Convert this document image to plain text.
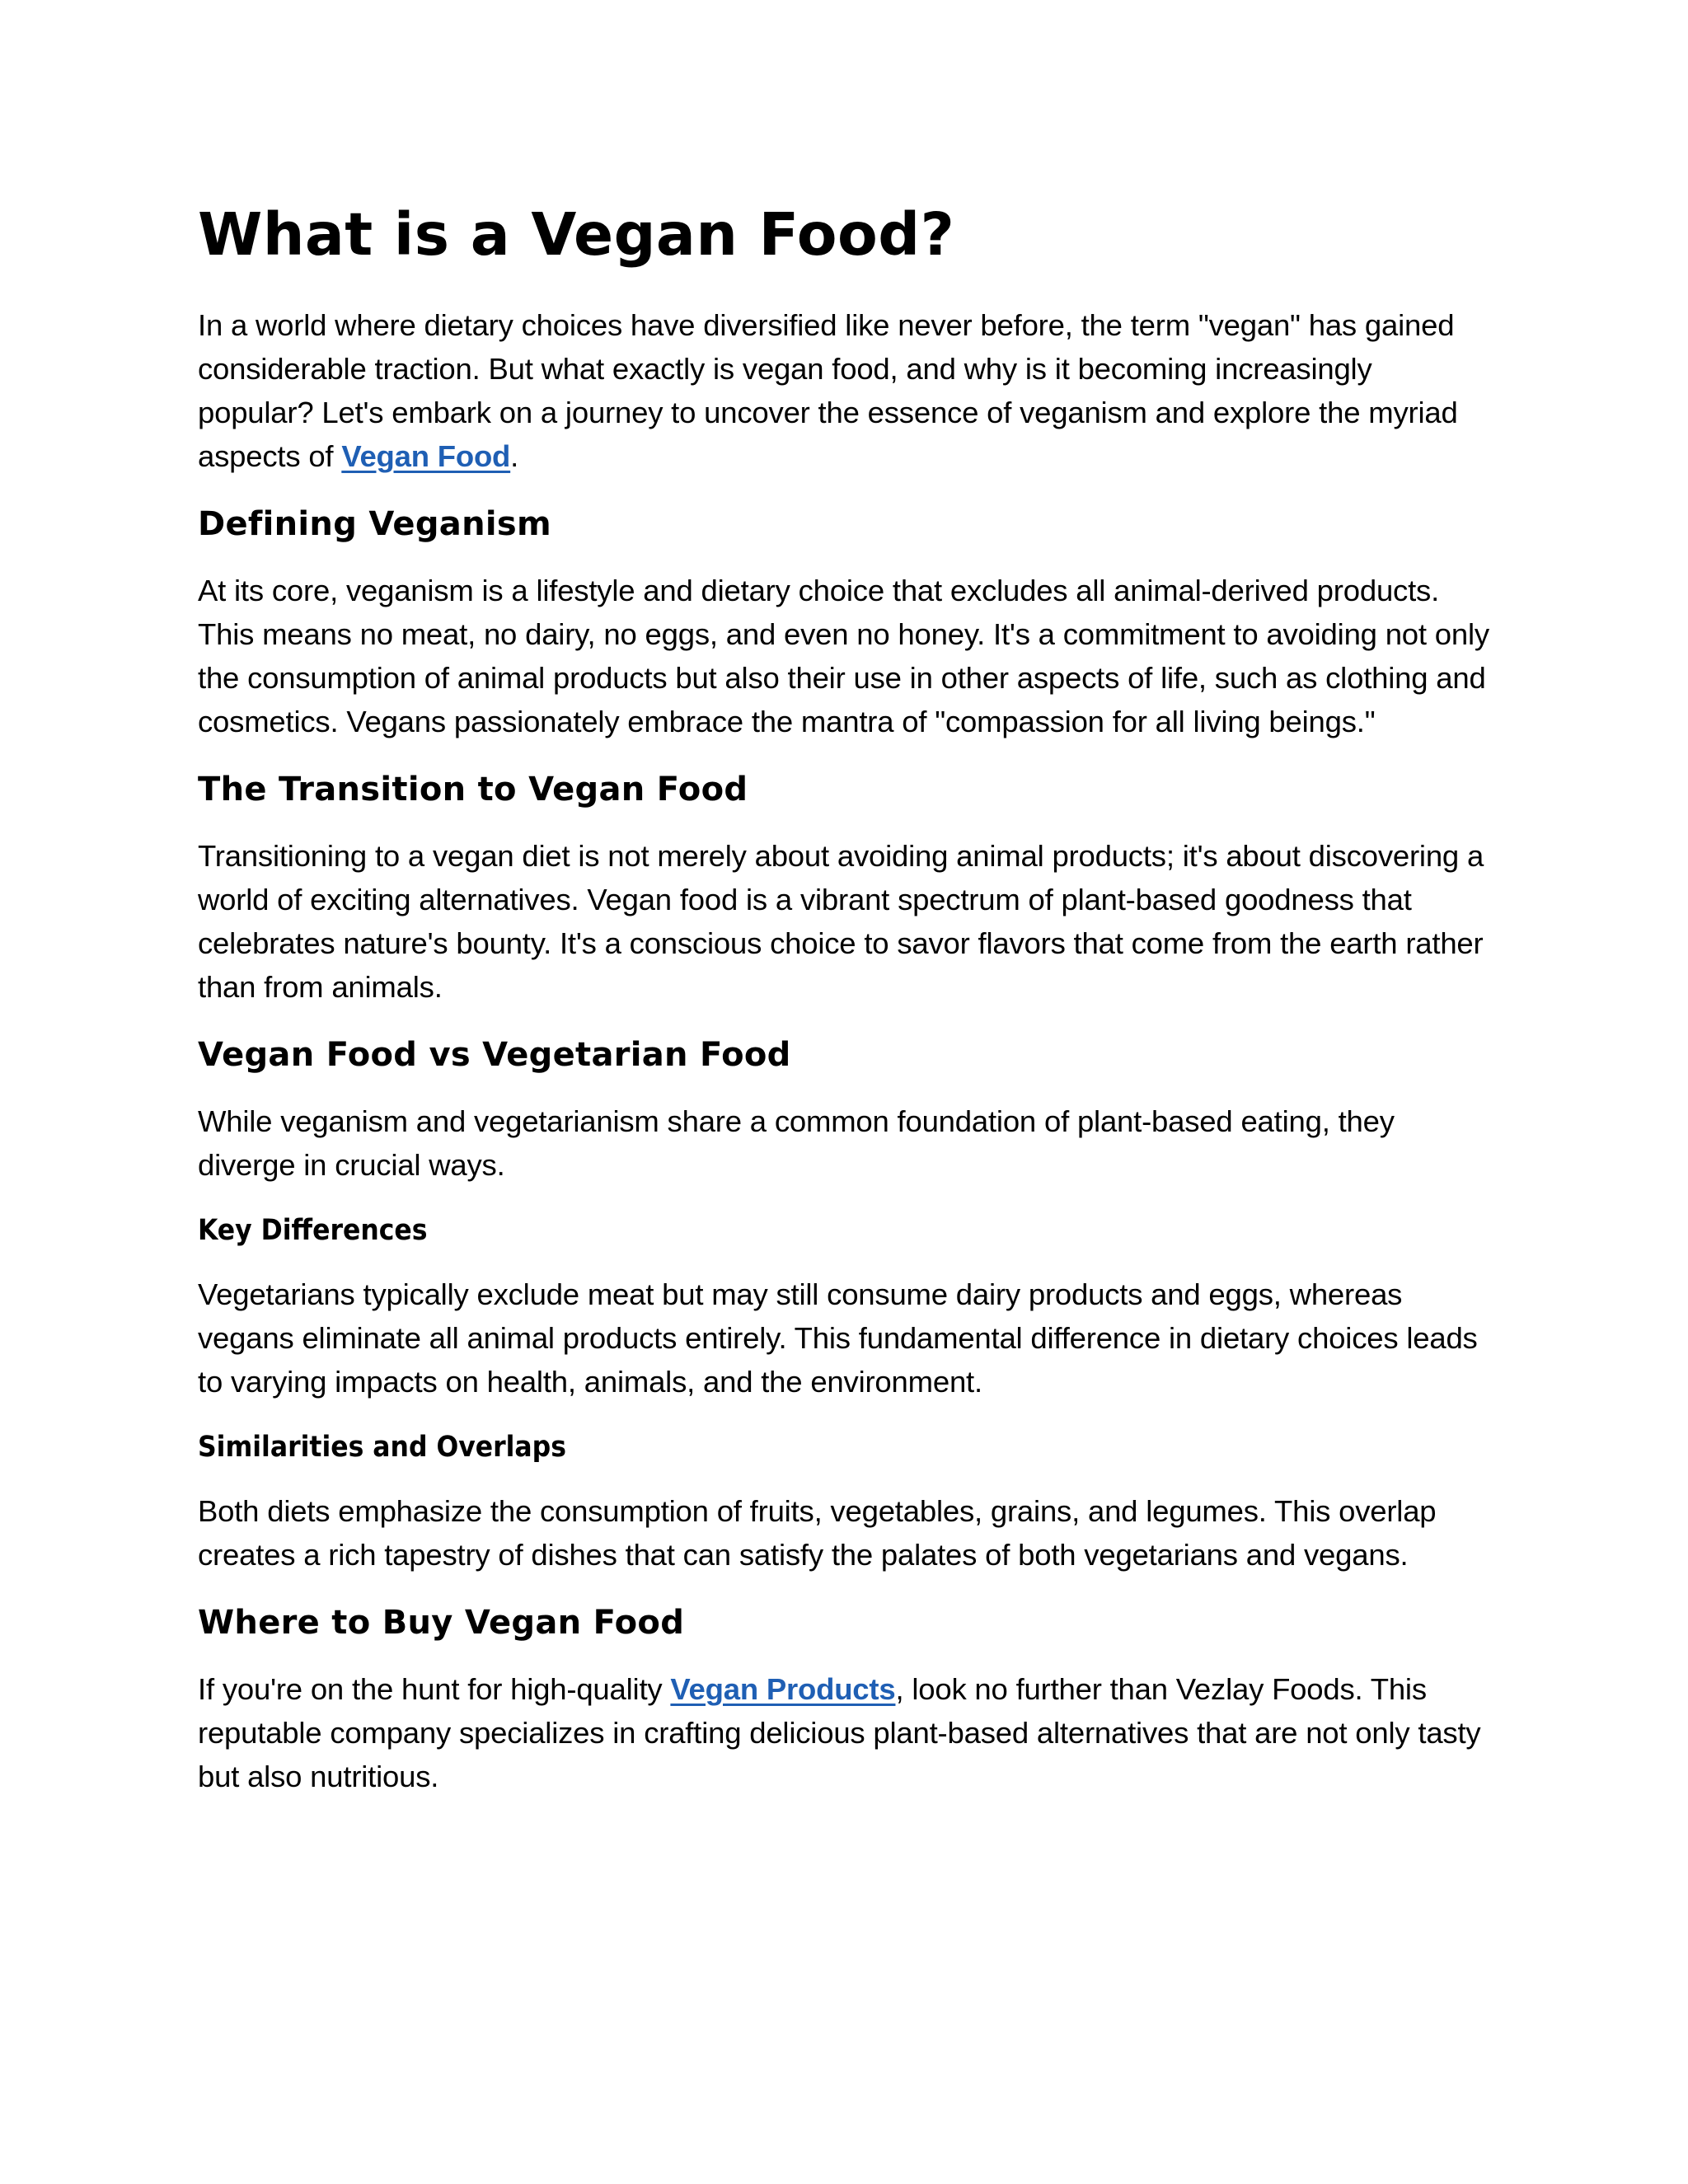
What is a Vegan Food?

In a world where dietary choices have diversified like never before, the term "vegan" has gained considerable traction. But what exactly is vegan food, and why is it becoming increasingly popular? Let's embark on a journey to uncover the essence of veganism and explore the myriad aspects of Vegan Food.

Defining Veganism

At its core, veganism is a lifestyle and dietary choice that excludes all animal-derived products. This means no meat, no dairy, no eggs, and even no honey. It's a commitment to avoiding not only the consumption of animal products but also their use in other aspects of life, such as clothing and cosmetics. Vegans passionately embrace the mantra of "compassion for all living beings."

The Transition to Vegan Food

Transitioning to a vegan diet is not merely about avoiding animal products; it's about discovering a world of exciting alternatives. Vegan food is a vibrant spectrum of plant-based goodness that celebrates nature's bounty. It's a conscious choice to savor flavors that come from the earth rather than from animals.

Vegan Food vs Vegetarian Food

While veganism and vegetarianism share a common foundation of plant-based eating, they diverge in crucial ways.

Key Differences

Vegetarians typically exclude meat but may still consume dairy products and eggs, whereas vegans eliminate all animal products entirely. This fundamental difference in dietary choices leads to varying impacts on health, animals, and the environment.

Similarities and Overlaps

Both diets emphasize the consumption of fruits, vegetables, grains, and legumes. This overlap creates a rich tapestry of dishes that can satisfy the palates of both vegetarians and vegans.

Where to Buy Vegan Food

If you're on the hunt for high-quality Vegan Products, look no further than Vezlay Foods. This reputable company specializes in crafting delicious plant-based alternatives that are not only tasty but also nutritious.
